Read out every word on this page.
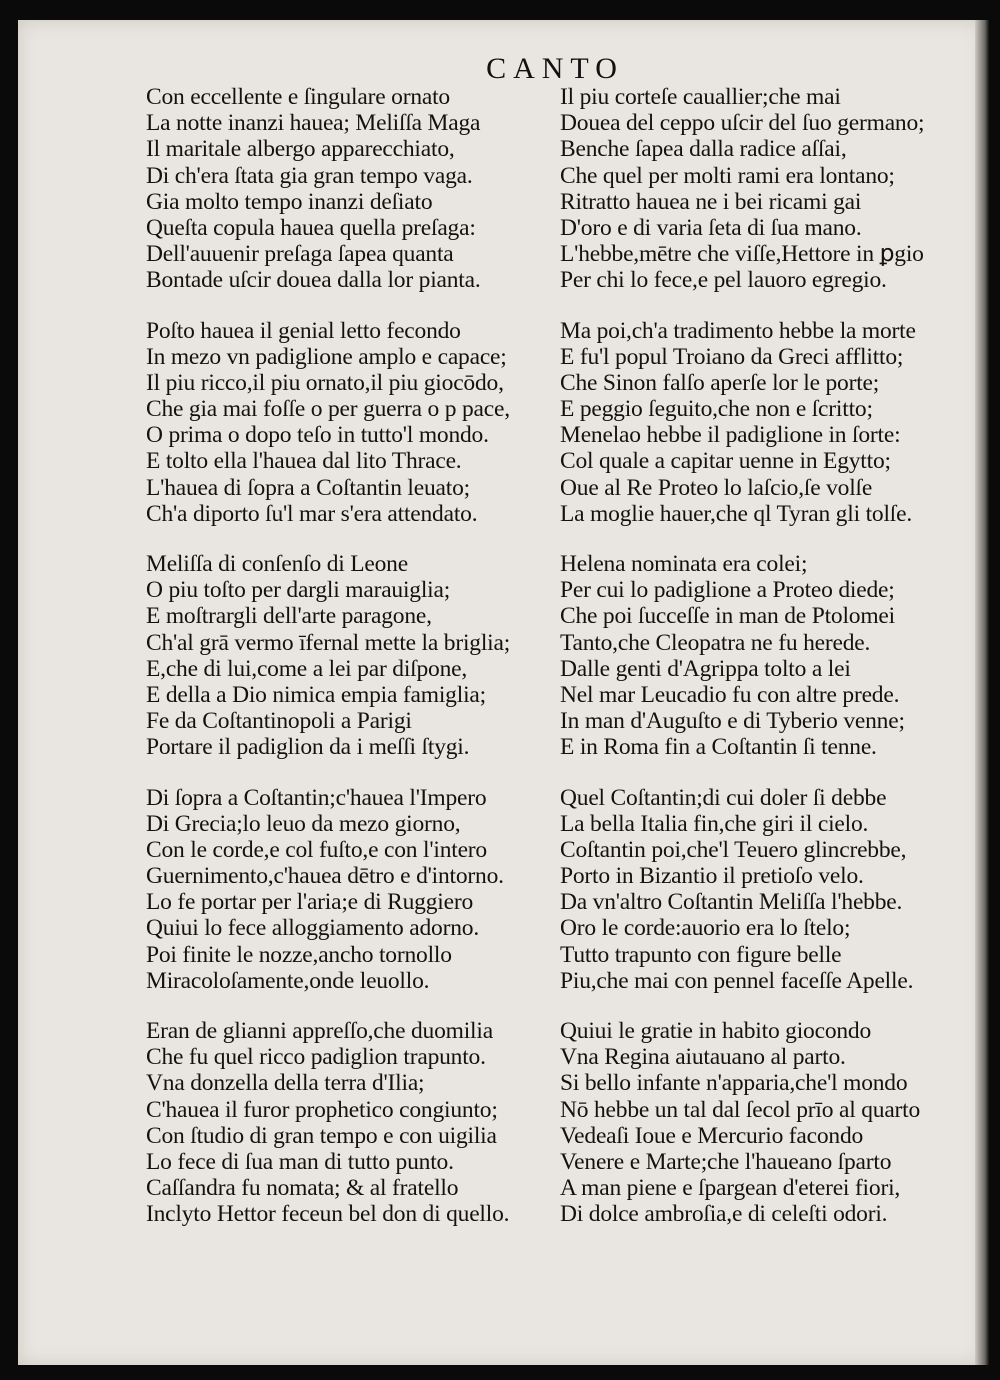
CANTO
Con eccellente e ſingulare ornato
La notte inanzi hauea; Meliſſa Maga
Il maritale albergo apparecchiato,
Di ch'era ſtata gia gran tempo vaga.
Gia molto tempo inanzi deſiato
Queſta copula hauea quella preſaga:
Dell'auuenir preſaga ſapea quanta
Bontade uſcir douea dalla lor pianta.
Poſto hauea il genial letto fecondo
In mezo vn padiglione amplo e capace;
Il piu ricco,il piu ornato,il piu giocōdo,
Che gia mai foſſe o per guerra o p pace,
O prima o dopo teſo in tutto'l mondo.
E tolto ella l'hauea dal lito Thrace.
L'hauea di ſopra a Coſtantin leuato;
Ch'a diporto ſu'l mar s'era attendato.
Meliſſa di conſenſo di Leone
O piu toſto per dargli marauiglia;
E moſtrargli dell'arte paragone,
Ch'al grā vermo īfernal mette la briglia;
E,che di lui,come a lei par diſpone,
E della a Dio nimica empia famiglia;
Fe da Coſtantinopoli a Parigi
Portare il padiglion da i meſſi ſtygi.
Di ſopra a Coſtantin;c'hauea l'Impero
Di Grecia;lo leuo da mezo giorno,
Con le corde,e col fuſto,e con l'intero
Guernimento,c'hauea dētro e d'intorno.
Lo fe portar per l'aria;e di Ruggiero
Quiui lo fece alloggiamento adorno.
Poi finite le nozze,ancho tornollo
Miracoloſamente,onde leuollo.
Eran de glianni appreſſo,che duomilia
Che fu quel ricco padiglion trapunto.
Vna donzella della terra d'Ilia;
C'hauea il furor prophetico congiunto;
Con ſtudio di gran tempo e con uigilia
Lo fece di ſua man di tutto punto.
Caſſandra fu nomata; & al fratello
Inclyto Hettor feceun bel don di quello.
Il piu corteſe cauallier;che mai
Douea del ceppo uſcir del ſuo germano;
Benche ſapea dalla radice aſſai,
Che quel per molti rami era lontano;
Ritratto hauea ne i bei ricami gai
D'oro e di varia ſeta di ſua mano.
L'hebbe,mētre che viſſe,Hettore in ꝑgio
Per chi lo fece,e pel lauoro egregio.
Ma poi,ch'a tradimento hebbe la morte
E fu'l popul Troiano da Greci afflitto;
Che Sinon falſo aperſe lor le porte;
E peggio ſeguito,che non e ſcritto;
Menelao hebbe il padiglione in ſorte:
Col quale a capitar uenne in Egytto;
Oue al Re Proteo lo laſcio,ſe volſe
La moglie hauer,che ql Tyran gli tolſe.
Helena nominata era colei;
Per cui lo padiglione a Proteo diede;
Che poi ſucceſſe in man de Ptolomei
Tanto,che Cleopatra ne fu herede.
Dalle genti d'Agrippa tolto a lei
Nel mar Leucadio fu con altre prede.
In man d'Auguſto e di Tyberio venne;
E in Roma fin a Coſtantin ſi tenne.
Quel Coſtantin;di cui doler ſi debbe
La bella Italia fin,che giri il cielo.
Coſtantin poi,che'l Teuero glincrebbe,
Porto in Bizantio il pretioſo velo.
Da vn'altro Coſtantin Meliſſa l'hebbe.
Oro le corde:auorio era lo ſtelo;
Tutto trapunto con figure belle
Piu,che mai con pennel faceſſe Apelle.
Quiui le gratie in habito giocondo
Vna Regina aiutauano al parto.
Si bello infante n'apparia,che'l mondo
Nō hebbe un tal dal ſecol prīo al quarto
Vedeaſi Ioue e Mercurio facondo
Venere e Marte;che l'haueano ſparto
A man piene e ſpargean d'eterei fiori,
Di dolce ambroſia,e di celeſti odori.
